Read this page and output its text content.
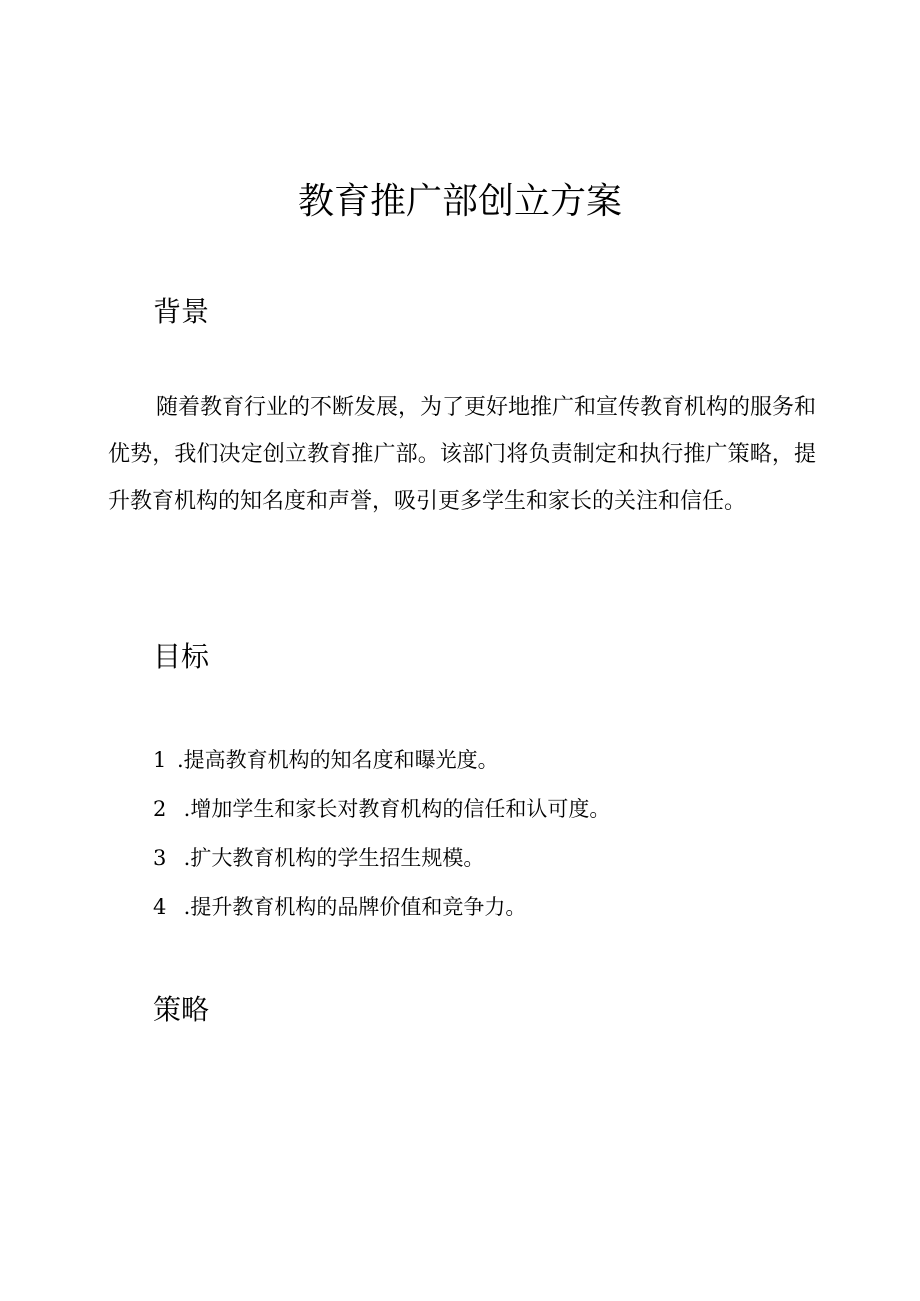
教育推广部创立方案
背景

随着教育行业的不断发展，为了更好地推广和宣传教育机构的服务和优势，我们决定创立教育推广部。该部门将负责制定和执行推广策略，提升教育机构的知名度和声誉，吸引更多学生和家长的关注和信任。

目标
1 .提高教育机构的知名度和曝光度。
2 .增加学生和家长对教育机构的信任和认可度。
3 .扩大教育机构的学生招生规模。
4 .提升教育机构的品牌价值和竞争力。
策略
